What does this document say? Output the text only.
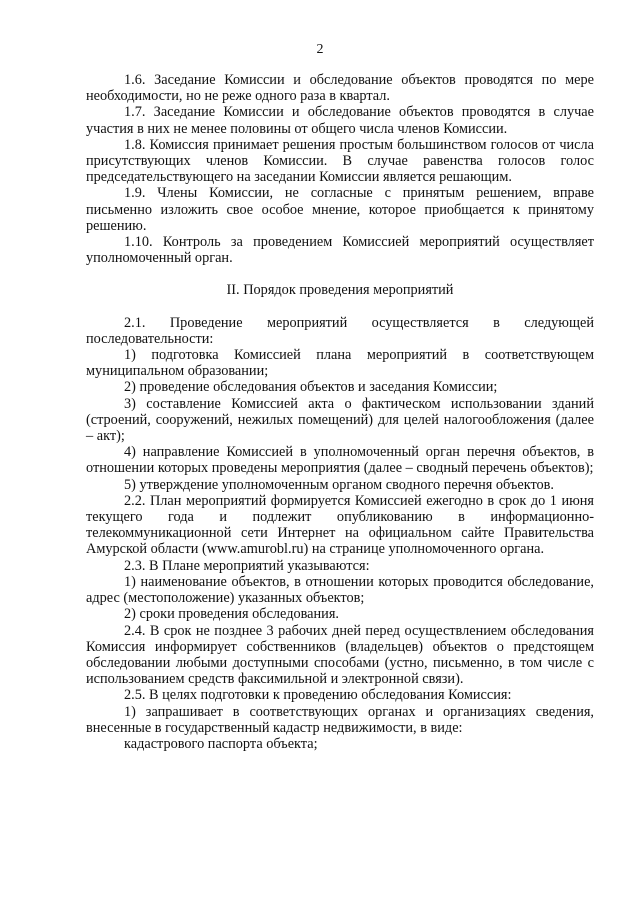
2

1.6. Заседание Комиссии и обследование объектов проводятся по мере необходимости, но не реже одного раза в квартал.

1.7. Заседание Комиссии и обследование объектов проводятся в случае участия в них не менее половины от общего числа членов Комиссии.

1.8. Комиссия принимает решения простым большинством голосов от числа присутствующих членов Комиссии. В случае равенства голосов голос председательствующего на заседании Комиссии является решающим.

1.9. Члены Комиссии, не согласные с принятым решением, вправе письменно изложить свое особое мнение, которое приобщается к принятому решению.

1.10. Контроль за проведением Комиссией мероприятий осуществляет уполномоченный орган.

II. Порядок проведения мероприятий

2.1. Проведение мероприятий осуществляется в следующей последовательности:

1) подготовка Комиссией плана мероприятий в соответствующем муниципальном образовании;

2) проведение обследования объектов и заседания Комиссии;

3) составление Комиссией акта о фактическом использовании зданий (строений, сооружений, нежилых помещений) для целей налогообложения (далее – акт);

4) направление Комиссией в уполномоченный орган перечня объектов, в отношении которых проведены мероприятия (далее – сводный перечень объектов);

5) утверждение уполномоченным органом сводного перечня объектов.

2.2. План мероприятий формируется Комиссией ежегодно в срок до 1 июня текущего года и подлежит опубликованию в информационно-телекоммуникационной сети Интернет на официальном сайте Правительства Амурской области (www.amurobl.ru) на странице уполномоченного органа.

2.3. В Плане мероприятий указываются:

1) наименование объектов, в отношении которых проводится обследование, адрес (местоположение) указанных объектов;

2) сроки проведения обследования.

2.4. В срок не позднее 3 рабочих дней перед осуществлением обследования Комиссия информирует собственников (владельцев) объектов о предстоящем обследовании любыми доступными способами (устно, письменно, в том числе с использованием средств факсимильной и электронной связи).

2.5. В целях подготовки к проведению обследования Комиссия:

1) запрашивает в соответствующих органах и организациях сведения, внесенные в государственный кадастр недвижимости, в виде:

кадастрового паспорта объекта;
